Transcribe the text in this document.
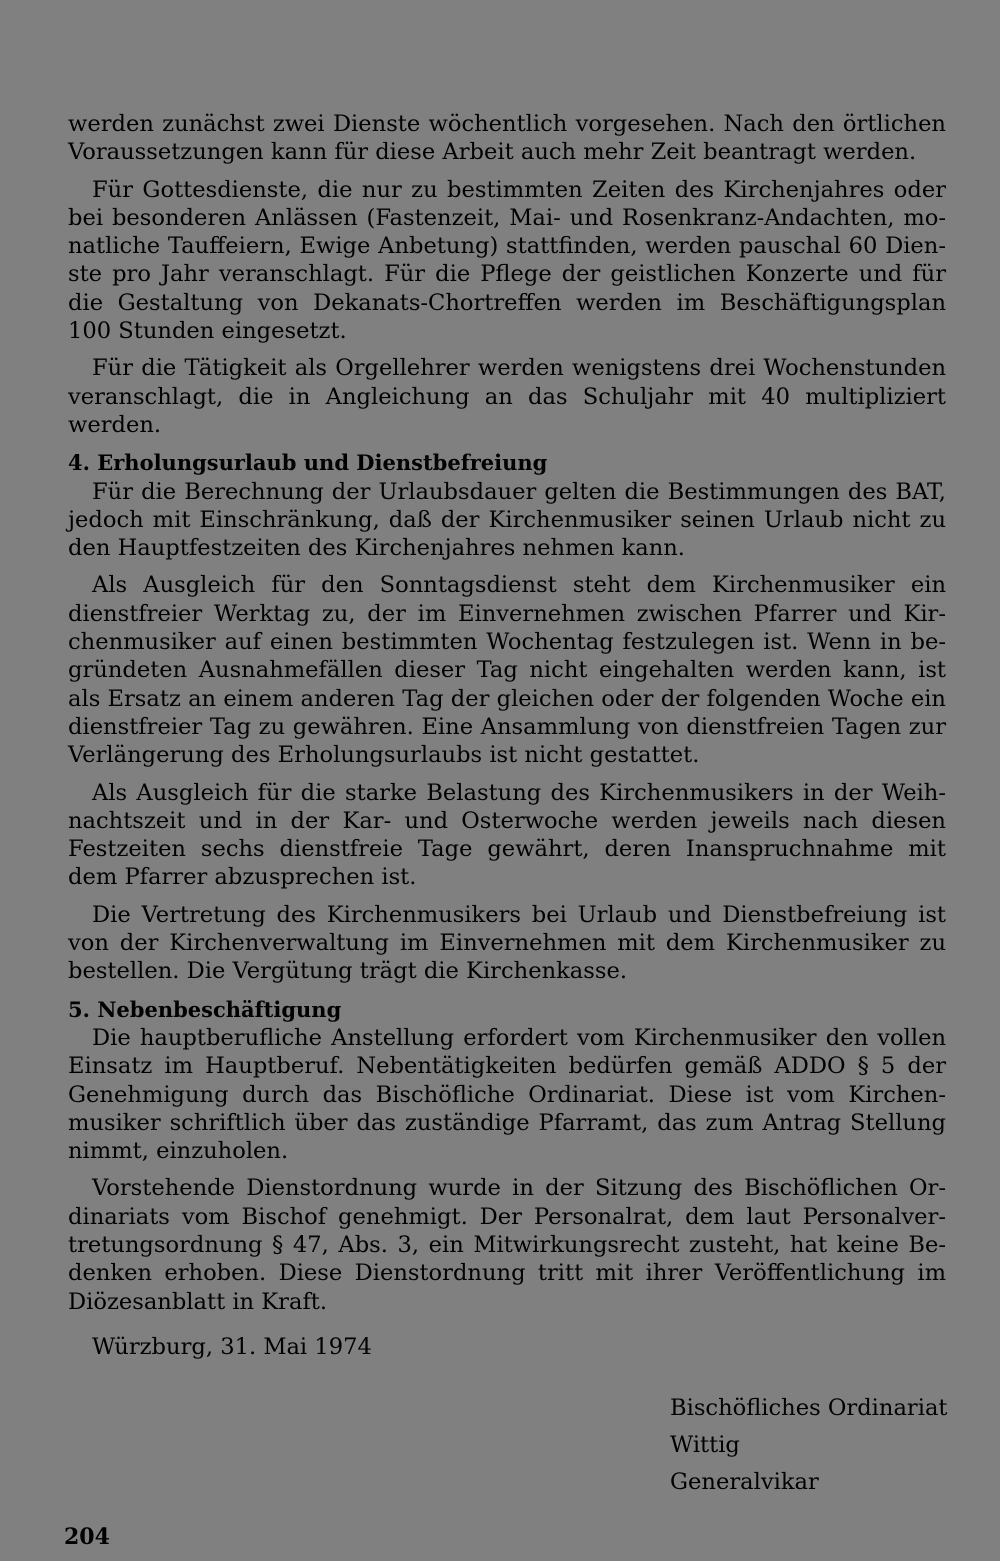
werden zunächst zwei Dienste wöchentlich vorgesehen. Nach den örtlichen Voraussetzungen kann für diese Arbeit auch mehr Zeit beantragt werden.

Für Gottesdienste, die nur zu bestimmten Zeiten des Kirchenjahres oder bei besonderen Anlässen (Fastenzeit, Mai- und Rosenkranz-Andachten, monatliche Tauffeiern, Ewige Anbetung) stattfinden, werden pauschal 60 Dienste pro Jahr veranschlagt. Für die Pflege der geistlichen Konzerte und für die Gestaltung von Dekanats-Chortreffen werden im Beschäftigungsplan 100 Stunden eingesetzt.

Für die Tätigkeit als Orgellehrer werden wenigstens drei Wochenstunden veranschlagt, die in Angleichung an das Schuljahr mit 40 multipliziert werden.

4. Erholungsurlaub und Dienstbefreiung

Für die Berechnung der Urlaubsdauer gelten die Bestimmungen des BAT, jedoch mit Einschränkung, daß der Kirchenmusiker seinen Urlaub nicht zu den Hauptfestzeiten des Kirchenjahres nehmen kann.

Als Ausgleich für den Sonntagsdienst steht dem Kirchenmusiker ein dienstfreier Werktag zu, der im Einvernehmen zwischen Pfarrer und Kirchenmusiker auf einen bestimmten Wochentag festzulegen ist. Wenn in begründeten Ausnahmefällen dieser Tag nicht eingehalten werden kann, ist als Ersatz an einem anderen Tag der gleichen oder der folgenden Woche ein dienstfreier Tag zu gewähren. Eine Ansammlung von dienstfreien Tagen zur Verlängerung des Erholungsurlaubs ist nicht gestattet.

Als Ausgleich für die starke Belastung des Kirchenmusikers in der Weihnachtszeit und in der Kar- und Osterwoche werden jeweils nach diesen Festzeiten sechs dienstfreie Tage gewährt, deren Inanspruchnahme mit dem Pfarrer abzusprechen ist.

Die Vertretung des Kirchenmusikers bei Urlaub und Dienstbefreiung ist von der Kirchenverwaltung im Einvernehmen mit dem Kirchenmusiker zu bestellen. Die Vergütung trägt die Kirchenkasse.

5. Nebenbeschäftigung

Die hauptberufliche Anstellung erfordert vom Kirchenmusiker den vollen Einsatz im Hauptberuf. Nebentätigkeiten bedürfen gemäß ADDO § 5 der Genehmigung durch das Bischöfliche Ordinariat. Diese ist vom Kirchenmusiker schriftlich über das zuständige Pfarramt, das zum Antrag Stellung nimmt, einzuholen.

Vorstehende Dienstordnung wurde in der Sitzung des Bischöflichen Ordinariats vom Bischof genehmigt. Der Personalrat, dem laut Personalvertretungsordnung § 47, Abs. 3, ein Mitwirkungsrecht zusteht, hat keine Bedenken erhoben. Diese Dienstordnung tritt mit ihrer Veröffentlichung im Diözesanblatt in Kraft.

Würzburg, 31. Mai 1974

Bischöfliches Ordinariat
Wittig
Generalvikar
204
